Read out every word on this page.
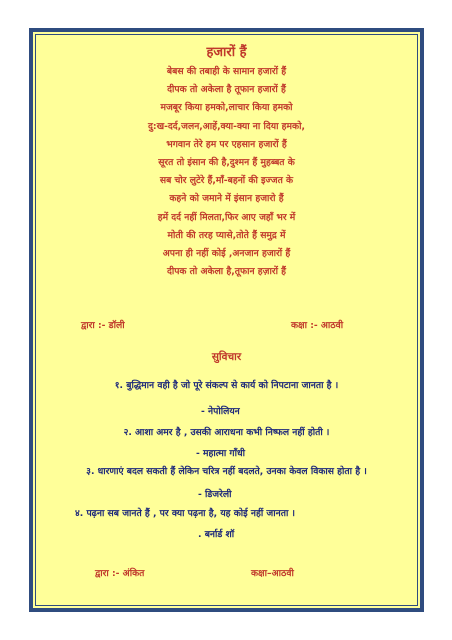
हजारों हैं
बेबस की तबाही के सामान हजारों हैं
दीपक तो अकेला है तूफान हजारों हैं
मजबूर किया हमको,लाचार किया हमको
दु:ख-दर्द,जलन,आहें,क्या-क्या ना दिया हमको,
भगवान तेरे हम पर एहसान हजारों हैं
सूरत तो इंसान की है,दुश्मन हैं मुहब्बत के
सब चोर लुटेरे हैं,माँ-बहनों की इज्जत के
कहने को जमाने में इंसान हजारो हैं
हमें दर्द नहीं मिलता,फिर आए जहाँ भर में
मोती की तरह प्यासे,तोते हैं समुद्र में
अपना ही नहीं कोई ,अनजान हजारों हैं
दीपक तो अकेला है,तूफान हज़ारों हैं
द्वारा :- डॉली	कक्षा :- आठवी
सुविचार
१. बुद्धिमान वही है जो पूरे संकल्प से कार्य को निपटाना जानता है ।
- नेपोलियन
२. आशा अमर है , उसकी आराधना कभी निष्फल नहीं होती ।
- महात्मा गाँधी
३. धारणाएं बदल सकती हैं लेकिन चरित्र नहीं बदलते, उनका केवल विकास होता है ।
- डिजरेली
४. पढ़ना सब जानते हैं , पर क्या पढ़ना है, यह कोई नहीं जानता ।
. बर्नार्ड शॉ
द्वारा :- अंकित	कक्षा–आठवी
